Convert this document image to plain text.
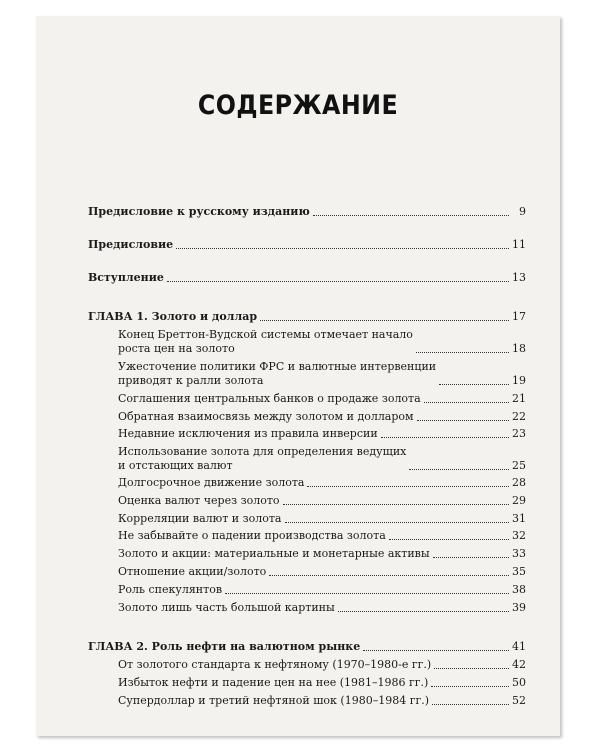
СОДЕРЖАНИЕ
Предисловие к русскому изданию	9
Предисловие	11
Вступление	13
ГЛАВА 1. Золото и доллар	17
Конец Бреттон-Вудской системы отмечает начало
роста цен на золото	18
Ужесточение политики ФРС и валютные интервенции
приводят к ралли золота	19
Соглашения центральных банков о продаже золота	21
Обратная взаимосвязь между золотом и долларом	22
Недавние исключения из правила инверсии	23
Использование золота для определения ведущих
и отстающих валют	25
Долгосрочное движение золота	28
Оценка валют через золото	29
Корреляции валют и золота	31
Не забывайте о падении производства золота	32
Золото и акции: материальные и монетарные активы	33
Отношение акции/золото	35
Роль спекулянтов	38
Золото лишь часть большой картины	39
ГЛАВА 2. Роль нефти на валютном рынке	41
От золотого стандарта к нефтяному (1970–1980-е гг.)	42
Избыток нефти и падение цен на нее (1981–1986 гг.)	50
Супердоллар и третий нефтяной шок (1980–1984 гг.)	52
